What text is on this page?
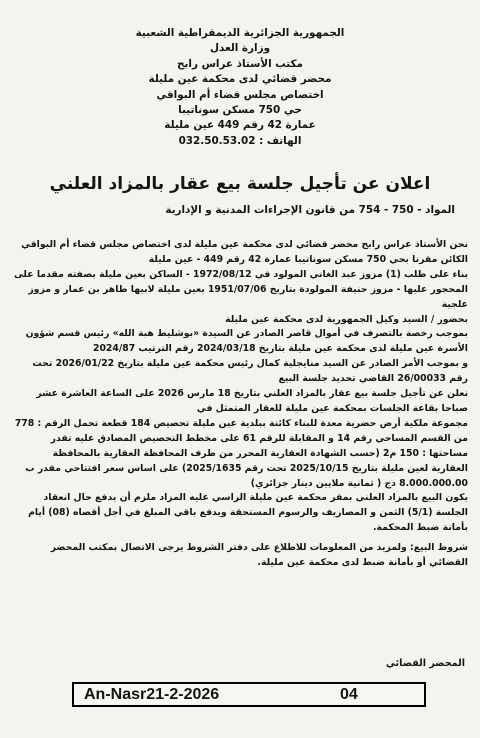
الجمهورية الجزائرية الديمقراطية الشعبية
وزارة العدل
مكتب الأستاذ عراس رابح
محضر قضائي لدى محكمة عين مليلة
اختصاص مجلس قضاء أم البواقي
حي 750 مسكن سوناتيبا
عمارة 42 رقم 449 عين مليلة
الهاتف : 032.50.53.02
اعلان عن تأجيل جلسة بيع عقار بالمزاد العلني
المواد - 750 - 754 من قانون الإجراءات المدنية و الإدارية

نحن الأستاذ عراس رابح محضر قضائي لدى محكمة عين مليلة لدى اختصاص مجلس قضاء أم البواقي الكائن مقرنا بحي 750 مسكن سوناتيبا عمارة 42 رقم 449 - عين مليلة

بناء على طلب (1) مزوز عبد الغاني المولود في 1972/08/12 - الساكن بعين مليلة بصفته مقدما على المحجور عليها - مزوز حنيفة المولودة بتاريخ 1951/07/06 بعين مليلة لابيها طاهر بن عمار و مزوز علجية

بحضور / السيد وكيل الجمهورية لدى محكمة عين مليلة

بموجب رخصة بالتصرف في أموال قاصر الصادر عن السيدة «بوشليط هبة الله» رئيس قسم شؤون الأسرة عين مليلة لدى محكمة عين مليلة بتاريخ 2024/03/18 رقم الترتيب 2024/87

و بموجب الأمر الصادر عن السيد منايجلية كمال رئيس محكمة عين مليلة بتاريخ 2026/01/22 تحت رقم 26/00033 القاضي تحديد جلسة البيع

نعلن عن تأجيل جلسة بيع عقار بالمزاد العلني بتاريخ 18 مارس 2026 على الساعة العاشرة عشر صباحا بقاعة الجلسات بمحكمة عين مليلة للعقار المتمثل في

مجموعة ملكية أرض حضرية معدة للبناء كائنة ببلدية عين مليلة تحصيص 184 قطعة تحمل الرقم : 778 من القسم المساحي رقم 14 و المقابلة للرقم 61 على مخطط التحصيص المصادق عليه تقدر مساحتها : 150 م2 (حسب الشهادة العقارية المحرر من طرف المحافظة العقارية بالمحافظة العقارية لعين مليلة بتاريخ 2025/10/15 تحت رقم 2025/1635) على اساس سعر افتتاحي مقدر ب 8.000.000.00 دج ( ثمانية ملايين دينار جزائري)

يكون البيع بالمزاد العلني بمقر محكمة عين مليلة الراسي عليه المزاد ملزم أن يدفع حال انعقاد الجلسة (5/1) الثمن و المصاريف والرسوم المستحقة ويدفع باقي المبلغ في أجل أقصاه (08) أيام بأمانة ضبط المحكمة.

شروط البيع: ولمزيد من المعلومات للاطلاع على دفتر الشروط يرجى الاتصال بمكتب المحضر القضائي أو بأمانة ضبط لدى محكمة عين مليلة.

المحضر القضائي
An-Nasr21-2-2026	04
